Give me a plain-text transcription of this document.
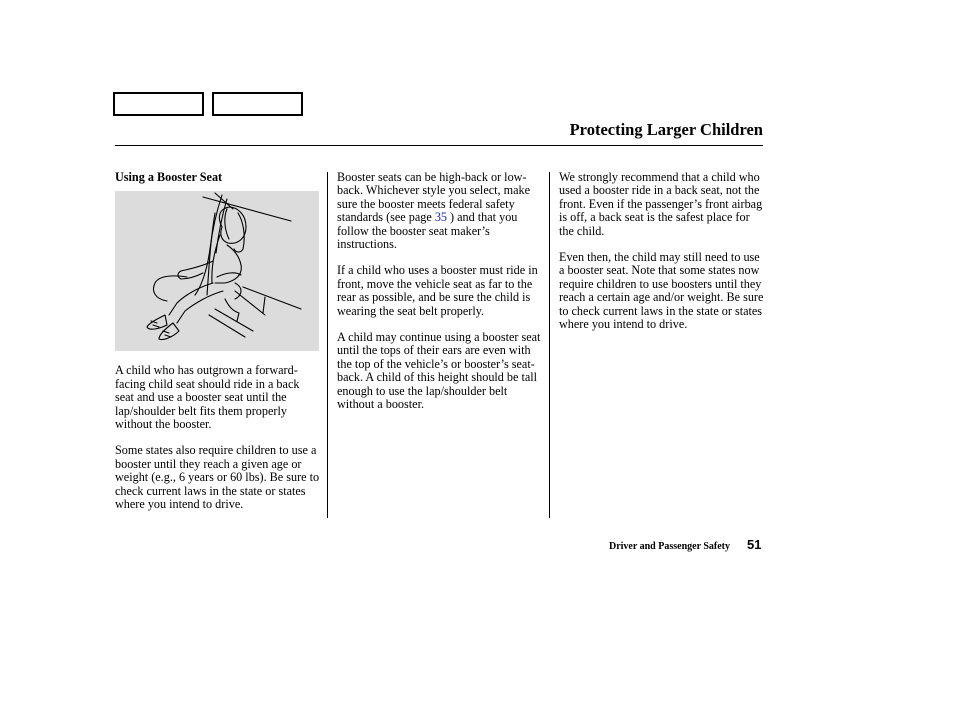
Protecting Larger Children
Using a Booster Seat

A child who has outgrown a forward-facing child seat should ride in a back seat and use a booster seat until the lap/shoulder belt fits them properly without the booster.

Some states also require children to use a booster until they reach a given age or weight (e.g., 6 years or 60 lbs). Be sure to check current laws in the state or states where you intend to drive.

Booster seats can be high-back or low-back. Whichever style you select, make sure the booster meets federal safety standards (see page 35 ) and that you follow the booster seat maker’s instructions.

If a child who uses a booster must ride in front, move the vehicle seat as far to the rear as possible, and be sure the child is wearing the seat belt properly.

A child may continue using a booster seat until the tops of their ears are even with the top of the vehicle’s or booster’s seat-back. A child of this height should be tall enough to use the lap/shoulder belt without a booster.

We strongly recommend that a child who used a booster ride in a back seat, not the front. Even if the passenger’s front airbag is off, a back seat is the safest place for the child.

Even then, the child may still need to use a booster seat. Note that some states now require children to use boosters until they reach a certain age and/or weight. Be sure to check current laws in the state or states where you intend to drive.

Driver and Passenger Safety 51
